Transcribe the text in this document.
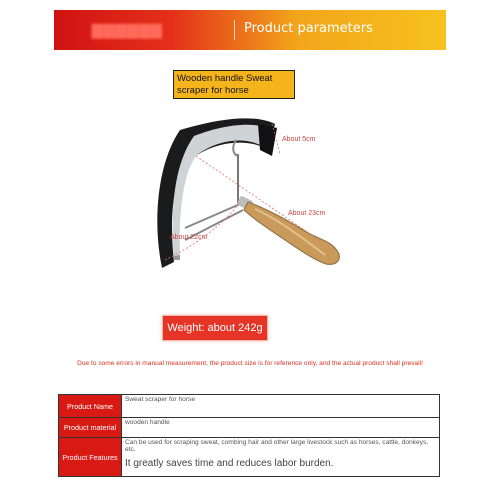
▇▇▇▇▇▇	Product parameters
Wooden handle Sweat scraper for horse
About 5cm
About 23cm
About 22cm
Weight: about 242g
Due to some errors in manual measurement, the product size is for reference only, and the actual product shall prevail!
Product Name	Sweat scraper for horse
Product material	wooden handle
Product Features	Can be used for scraping sweat, combing hair and other large livestock such as horses, cattle, donkeys, etc.
It greatly saves time and reduces labor burden.
